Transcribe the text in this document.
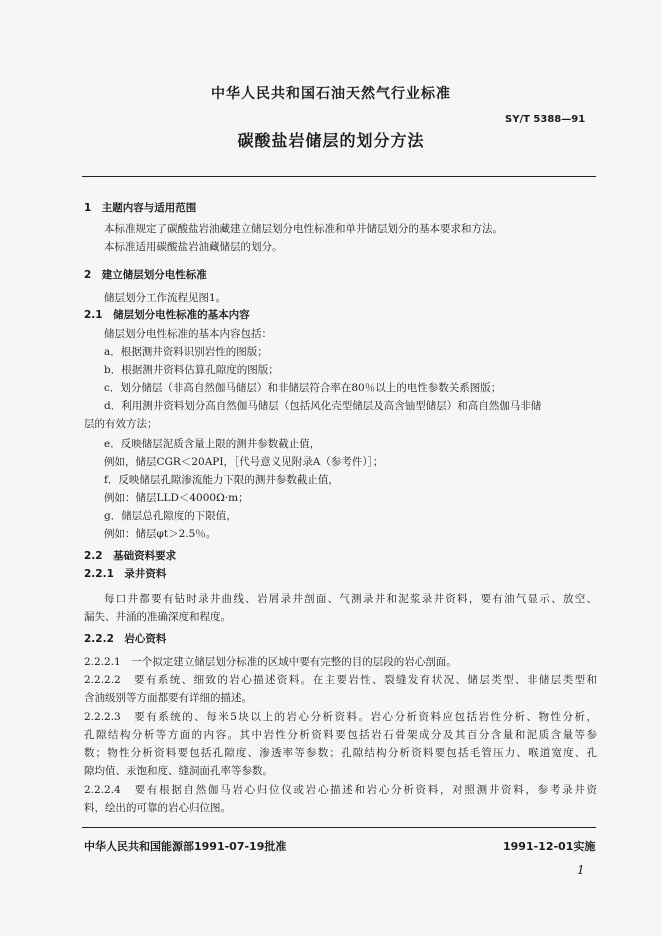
中华人民共和国石油天然气行业标准
SY/T 5388—91
碳酸盐岩储层的划分方法
1　主题内容与适用范围
本标准规定了碳酸盐岩油藏建立储层划分电性标准和单井储层划分的基本要求和方法。
本标准适用碳酸盐岩油藏储层的划分。
2　建立储层划分电性标准
储层划分工作流程见图1。
2.1　储层划分电性标准的基本内容
储层划分电性标准的基本内容包括：
a．根据测井资料识别岩性的图版；
b．根据测井资料估算孔隙度的图版；
c．划分储层（非高自然伽马储层）和非储层符合率在80％以上的电性参数关系图版；
d．利用测井资料划分高自然伽马储层（包括风化壳型储层及高含铀型储层）和高自然伽马非储
层的有效方法；
e．反映储层泥质含量上限的测井参数截止值，
例如，储层CGR＜20API，［代号意义见附录A（参考件）］；
f．反映储层孔隙渗流能力下限的测井参数截止值，
例如：储层LLD＜4000Ω·m；
g．储层总孔隙度的下限值，
例如：储层φt＞2.5％。
2.2　基础资料要求
2.2.1　录井资料
每口井都要有钻时录井曲线、岩屑录井剖面、气测录井和泥浆录井资料，要有油气显示、放空、
漏失、井涌的准确深度和程度。
2.2.2　岩心资料
2.2.2.1　一个拟定建立储层划分标准的区域中要有完整的目的层段的岩心剖面。
2.2.2.2　要有系统、细致的岩心描述资料。在主要岩性、裂缝发育状况、储层类型、非储层类型和
含油级别等方面都要有详细的描述。
2.2.2.3　要有系统的、每米5块以上的岩心分析资料。岩心分析资料应包括岩性分析、物性分析，
孔隙结构分析等方面的内容。其中岩性分析资料要包括岩石骨架成分及其百分含量和泥质含量等参
数；物性分析资料要包括孔隙度、渗透率等参数；孔隙结构分析资料要包括毛管压力、喉道宽度、孔
隙均值、汞饱和度、缝洞面孔率等参数。
2.2.2.4　要有根据自然伽马岩心归位仪或岩心描述和岩心分析资料，对照测井资料，参考录井资
料，绘出的可靠的岩心归位图。
中华人民共和国能源部1991-07-19批准	1991-12-01实施
1
